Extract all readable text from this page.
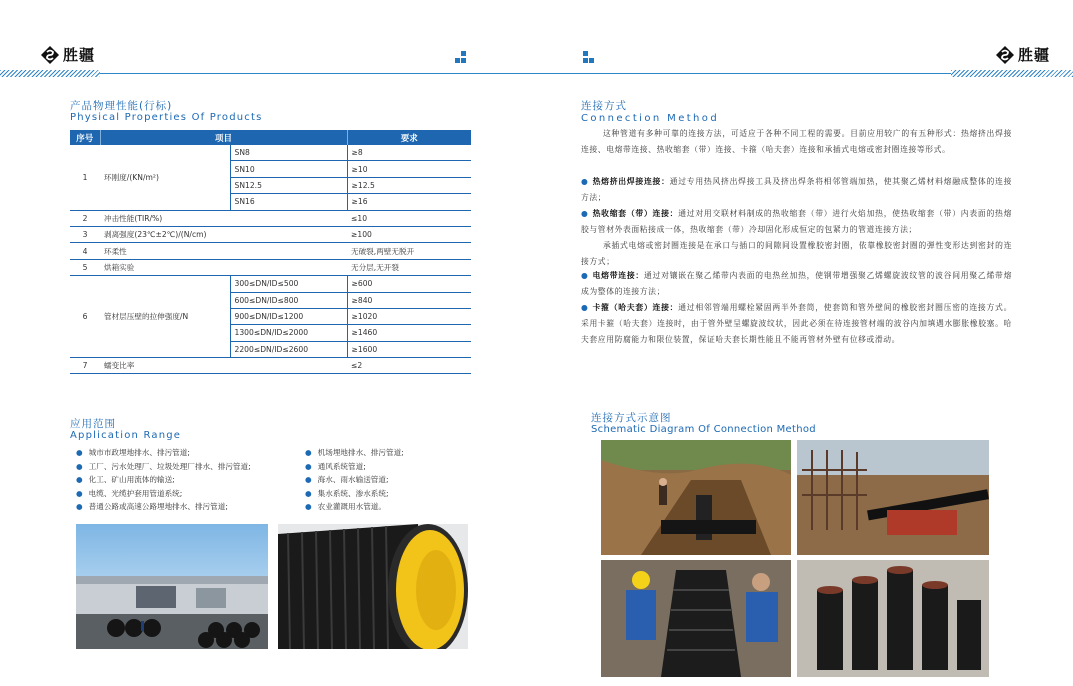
胜疆	胜疆
产品物理性能(行标)
Physical Properties Of Products
序号	项目		要求
1	环刚度/(KN/m²)	SN8	≥8
		SN10	≥10
		SN12.5	≥12.5
		SN16	≥16
2	冲击性能(TIR/%)		≤10
3	剥离强度(23℃±2℃)/(N/cm)		≥100
4	环柔性		无破裂,两壁无脱开
5	烘箱实验		无分层,无开裂
6	管材层压壁的拉伸强度/N	300≤DN/ID≤500	≥600
		600≤DN/ID≤800	≥840
		900≤DN/ID≤1200	≥1020
		1300≤DN/ID≤2000	≥1460
		2200≤DN/ID≤2600	≥1600
7	蠕变比率		≤2
应用范围
Application Range
● 城市市政埋地排水、排污管道;
● 工厂、污水处理厂、垃圾处理厂排水、排污管道;
● 化工、矿山用流体的输送;
● 电缆、光缆护套用管道系统;
● 普通公路或高速公路埋地排水、排污管道;
● 机场埋地排水、排污管道;
● 通风系统管道;
● 海水、雨水输送管道;
● 集水系统、渗水系统;
● 农业灌溉用水管道。
连接方式
Connection Method

这种管道有多种可靠的连接方法，可适应于各种不同工程的需要。目前应用较广的有五种形式：热熔挤出焊接连接、电熔带连接、热收缩套（带）连接、卡箍（哈夫套）连接和承插式电熔或密封圈连接等形式。

● 热熔挤出焊接连接：通过专用热风挤出焊接工具及挤出焊条将相邻管端加热，使其聚乙烯材料熔融成整体的连接方法；

● 热收缩套（带）连接：通过对用交联材料制成的热收缩套（带）进行火焰加热，使热收缩套（带）内表面的热熔胶与管材外表面粘接成一体，热收缩套（带）冷却固化形成恒定的包紧力的管道连接方法；

承插式电熔或密封圈连接是在承口与插口的间隙间设置橡胶密封圈，依靠橡胶密封圈的弹性变形达到密封的连接方式；

● 电熔带连接：通过对镶嵌在聚乙烯带内表面的电热丝加热，使钢带增强聚乙烯螺旋波纹管的波谷间用聚乙烯带熔成为整体的连接方法；

● 卡箍（哈夫套）连接：通过相邻管端用螺栓紧固两半外套筒，使套筒和管外壁间的橡胶密封圈压密的连接方式。采用卡箍（哈夫套）连接时，由于管外壁呈螺旋波纹状，因此必须在待连接管材端的波谷内加填遇水膨胀橡胶塞。哈夫套应用防腐能力和限位装置，保证哈夫套长期性能且不能再管材外壁有位移或滑动。

连接方式示意图
Schematic Diagram Of Connection Method
